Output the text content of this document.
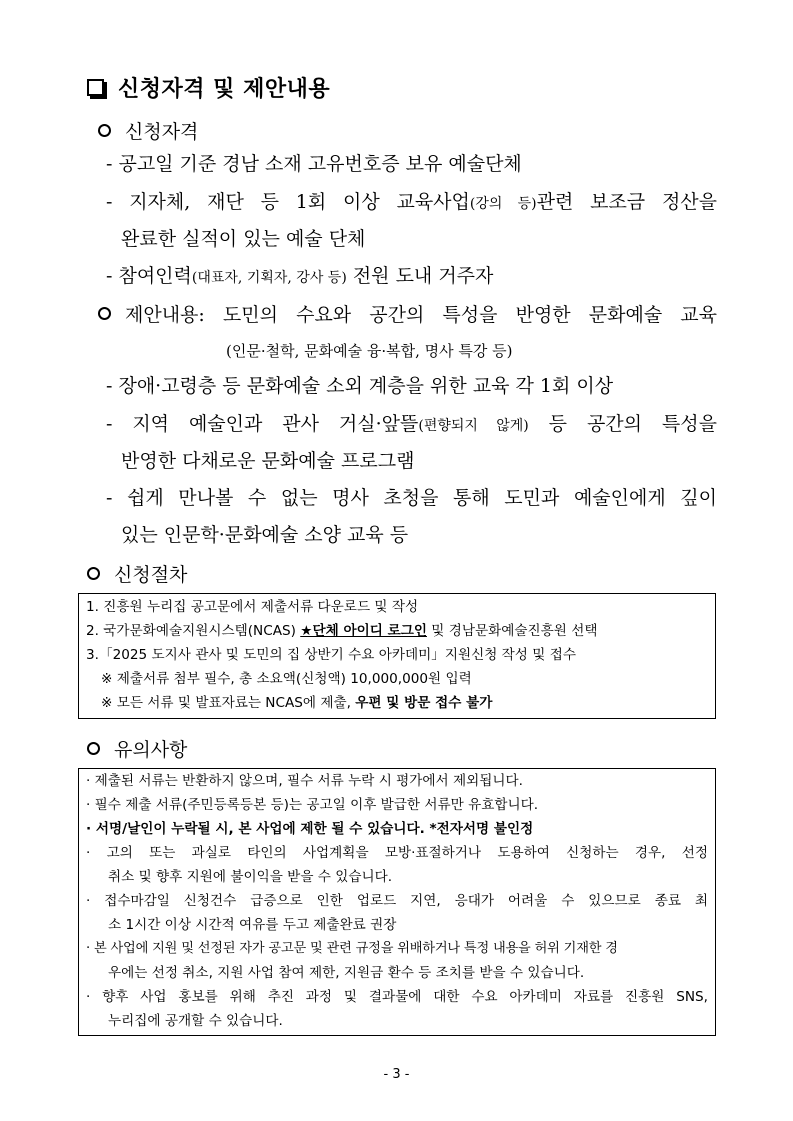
신청자격 및 제안내용
신청자격
- 공고일 기준 경남 소재 고유번호증 보유 예술단체
- 지자체, 재단 등 1회 이상 교육사업(강의 등)관련 보조금 정산을
완료한 실적이 있는 예술 단체
- 참여인력(대표자, 기획자, 강사 등) 전원 도내 거주자
제안내용: 도민의 수요와 공간의 특성을 반영한 문화예술 교육
(인문·철학, 문화예술 융·복합, 명사 특강 등)
- 장애·고령층 등 문화예술 소외 계층을 위한 교육 각 1회 이상
- 지역 예술인과 관사 거실·앞뜰(편향되지 않게) 등 공간의 특성을
반영한 다채로운 문화예술 프로그램
- 쉽게 만나볼 수 없는 명사 초청을 통해 도민과 예술인에게 깊이
있는 인문학·문화예술 소양 교육 등
신청절차
1. 진흥원 누리집 공고문에서 제출서류 다운로드 및 작성
2. 국가문화예술지원시스템(NCAS) ★단체 아이디 로그인 및 경남문화예술진흥원 선택
3.「2025 도지사 관사 및 도민의 집 상반기 수요 아카데미」지원신청 작성 및 접수
※ 제출서류 첨부 필수, 총 소요액(신청액) 10,000,000원 입력
※ 모든 서류 및 발표자료는 NCAS에 제출, 우편 및 방문 접수 불가
유의사항
· 제출된 서류는 반환하지 않으며, 필수 서류 누락 시 평가에서 제외됩니다.
· 필수 제출 서류(주민등록등본 등)는 공고일 이후 발급한 서류만 유효합니다.
· 서명/날인이 누락될 시, 본 사업에 제한 될 수 있습니다. *전자서명 불인정
· 고의 또는 과실로 타인의 사업계획을 모방·표절하거나 도용하여 신청하는 경우, 선정
취소 및 향후 지원에 불이익을 받을 수 있습니다.
· 접수마감일 신청건수 급증으로 인한 업로드 지연, 응대가 어려울 수 있으므로 종료 최
소 1시간 이상 시간적 여유를 두고 제출완료 권장
· 본 사업에 지원 및 선정된 자가 공고문 및 관련 규정을 위배하거나 특정 내용을 허위 기재한 경
우에는 선정 취소, 지원 사업 참여 제한, 지원금 환수 등 조치를 받을 수 있습니다.
· 향후 사업 홍보를 위해 추진 과정 및 결과물에 대한 수요 아카데미 자료를 진흥원 SNS,
누리집에 공개할 수 있습니다.
- 3 -
